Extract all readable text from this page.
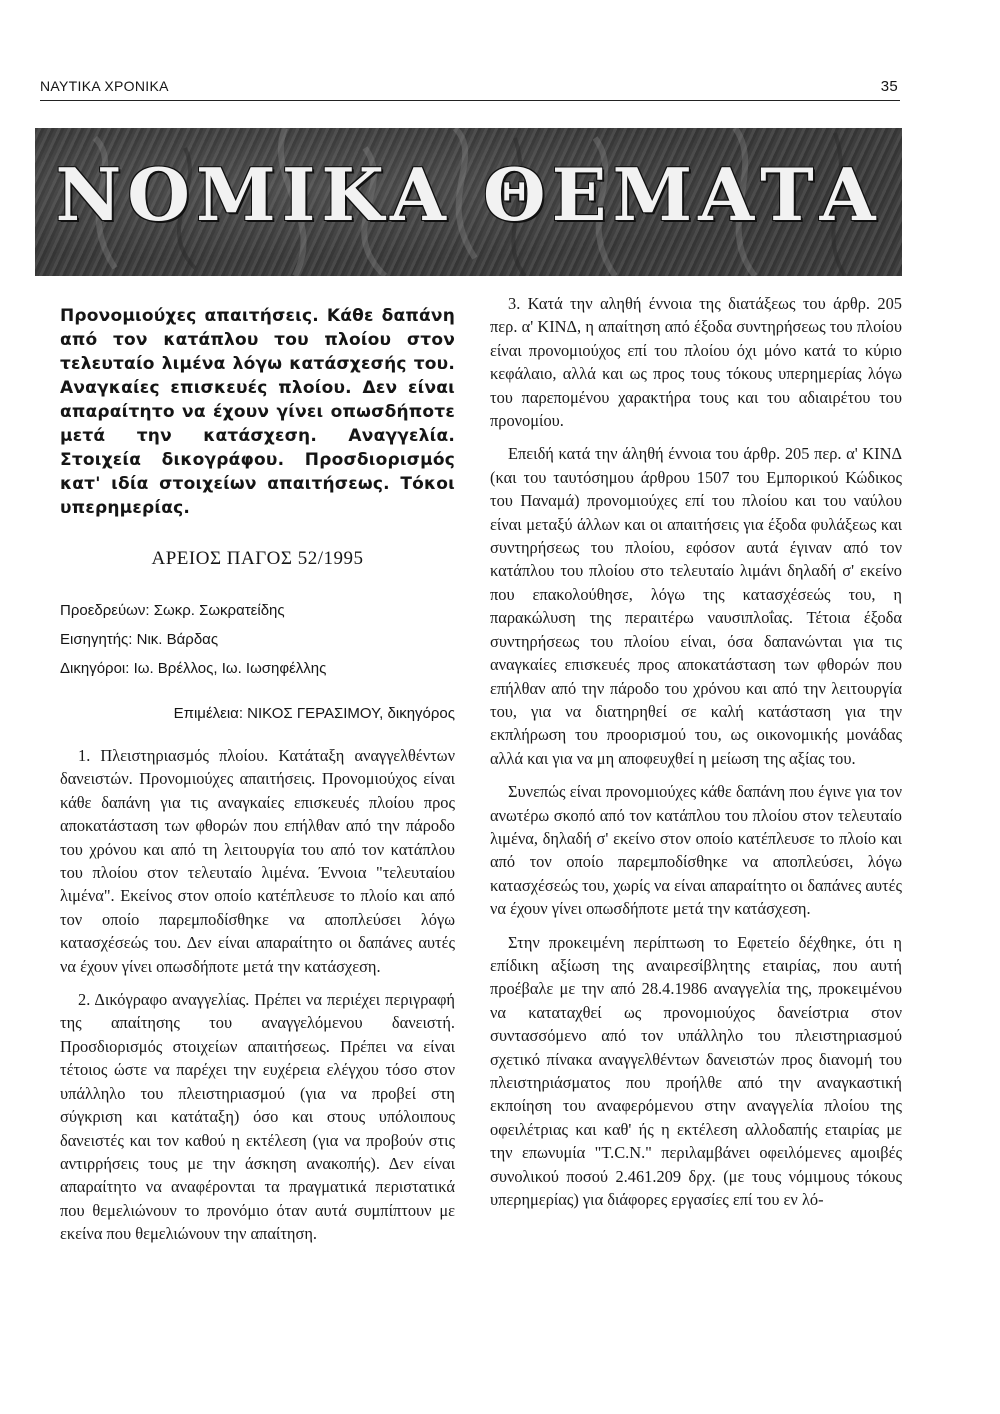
ΝΑΥΤΙΚΑ ΧΡΟΝΙΚΑ	35
ΝΟΜΙΚΑ ΘΕΜΑΤΑ

Προνομιούχες απαιτήσεις. Κάθε δαπάνη από τον κατάπλου του πλοίου στον τελευταίο λιμένα λόγω κατάσχεσής του. Αναγκαίες επισκευές πλοίου. Δεν είναι απαραίτητο να έχουν γίνει οπωσδήποτε μετά την κατάσχεση. Αναγγελία. Στοιχεία δικογράφου. Προσδιορισμός κατ' ιδία στοιχείων απαιτήσεως. Τόκοι υπερημερίας.

ΑΡΕΙΟΣ ΠΑΓΟΣ 52/1995
Προεδρεύων: Σωκρ. Σωκρατείδης
Εισηγητής: Νικ. Βάρδας
Δικηγόροι: Ιω. Βρέλλος, Ιω. Ιωσηφέλλης
Επιμέλεια: ΝΙΚΟΣ ΓΕΡΑΣΙΜΟΥ, δικηγόρος

1. Πλειστηριασμός πλοίου. Κατάταξη αναγγελθέντων δανειστών. Προνομιούχες απαιτήσεις. Προνομιούχος είναι κάθε δαπάνη για τις αναγκαίες επισκευές πλοίου προς αποκατάσταση των φθορών που επήλθαν από την πάροδο του χρόνου και από τη λειτουργία του από τον κατάπλου του πλοίου στον τελευταίο λιμένα. Έννοια "τελευταίου λιμένα". Εκείνος στον οποίο κατέπλευσε το πλοίο και από τον οποίο παρεμποδίσθηκε να αποπλεύσει λόγω κατασχέσεώς του. Δεν είναι απαραίτητο οι δαπάνες αυτές να έχουν γίνει οπωσδήποτε μετά την κατάσχεση.

2. Δικόγραφο αναγγελίας. Πρέπει να περιέχει περιγραφή της απαίτησης του αναγγελόμενου δανειστή. Προσδιορισμός στοιχείων απαιτήσεως. Πρέπει να είναι τέτοιος ώστε να παρέχει την ευχέρεια ελέγχου τόσο στον υπάλληλο του πλειστηριασμού (για να προβεί στη σύγκριση και κατάταξη) όσο και στους υπόλοιπους δανειστές και τον καθού η εκτέλεση (για να προβούν στις αντιρρήσεις τους με την άσκηση ανακοπής). Δεν είναι απαραίτητο να αναφέρονται τα πραγματικά περιστατικά που θεμελιώνουν το προνόμιο όταν αυτά συμπίπτουν με εκείνα που θεμελιώνουν την απαίτηση.

3. Κατά την αληθή έννοια της διατάξεως του άρθρ. 205 περ. α' ΚΙΝΔ, η απαίτηση από έξοδα συντηρήσεως του πλοίου είναι προνομιούχος επί του πλοίου όχι μόνο κατά το κύριο κεφάλαιο, αλλά και ως προς τους τόκους υπερημερίας λόγω του παρεπομένου χαρακτήρα τους και του αδιαιρέτου του προνομίου.

Επειδή κατά την άληθή έννοια του άρθρ. 205 περ. α' ΚΙΝΔ (και του ταυτόσημου άρθρου 1507 του Εμπορικού Κώδικος του Παναμά) προνομιούχες επί του πλοίου και του ναύλου είναι μεταξύ άλλων και οι απαιτήσεις για έξοδα φυλάξεως και συντηρήσεως του πλοίου, εφόσον αυτά έγιναν από τον κατάπλου του πλοίου στο τελευταίο λιμάνι δηλαδή σ' εκείνο που επακολούθησε, λόγω της κατασχέσεώς του, η παρακώλυση της περαιτέρω ναυσιπλοΐας. Τέτοια έξοδα συντηρήσεως του πλοίου είναι, όσα δαπανώνται για τις αναγκαίες επισκευές προς αποκατάσταση των φθορών που επήλθαν από την πάροδο του χρόνου και από την λειτουργία του, για να διατηρηθεί σε καλή κατάσταση για την εκπλήρωση του προορισμού του, ως οικονομικής μονάδας αλλά και για να μη αποφευχθεί η μείωση της αξίας του.

Συνεπώς είναι προνομιούχες κάθε δαπάνη που έγινε για τον ανωτέρω σκοπό από τον κατάπλου του πλοίου στον τελευταίο λιμένα, δηλαδή σ' εκείνο στον οποίο κατέπλευσε το πλοίο και από τον οποίο παρεμποδίσθηκε να αποπλεύσει, λόγω κατασχέσεώς του, χωρίς να είναι απαραίτητο οι δαπάνες αυτές να έχουν γίνει οπωσδήποτε μετά την κατάσχεση.

Στην προκειμένη περίπτωση το Εφετείο δέχθηκε, ότι η επίδικη αξίωση της αναιρεσίβλητης εταιρίας, που αυτή προέβαλε με την από 28.4.1986 αναγγελία της, προκειμένου να καταταχθεί ως προνομιούχος δανείστρια στον συντασσόμενο από τον υπάλληλο του πλειστηριασμού σχετικό πίνακα αναγγελθέντων δανειστών προς διανομή του πλειστηριάσματος που προήλθε από την αναγκαστική εκποίηση του αναφερόμενου στην αναγγελία πλοίου της οφειλέτριας και καθ' ής η εκτέλεση αλλοδαπής εταιρίας με την επωνυμία "T.C.N." περιλαμβάνει οφειλόμενες αμοιβές συνολικού ποσού 2.461.209 δρχ. (με τους νόμιμους τόκους υπερημερίας) για διάφορες εργασίες επί του εν λό-
